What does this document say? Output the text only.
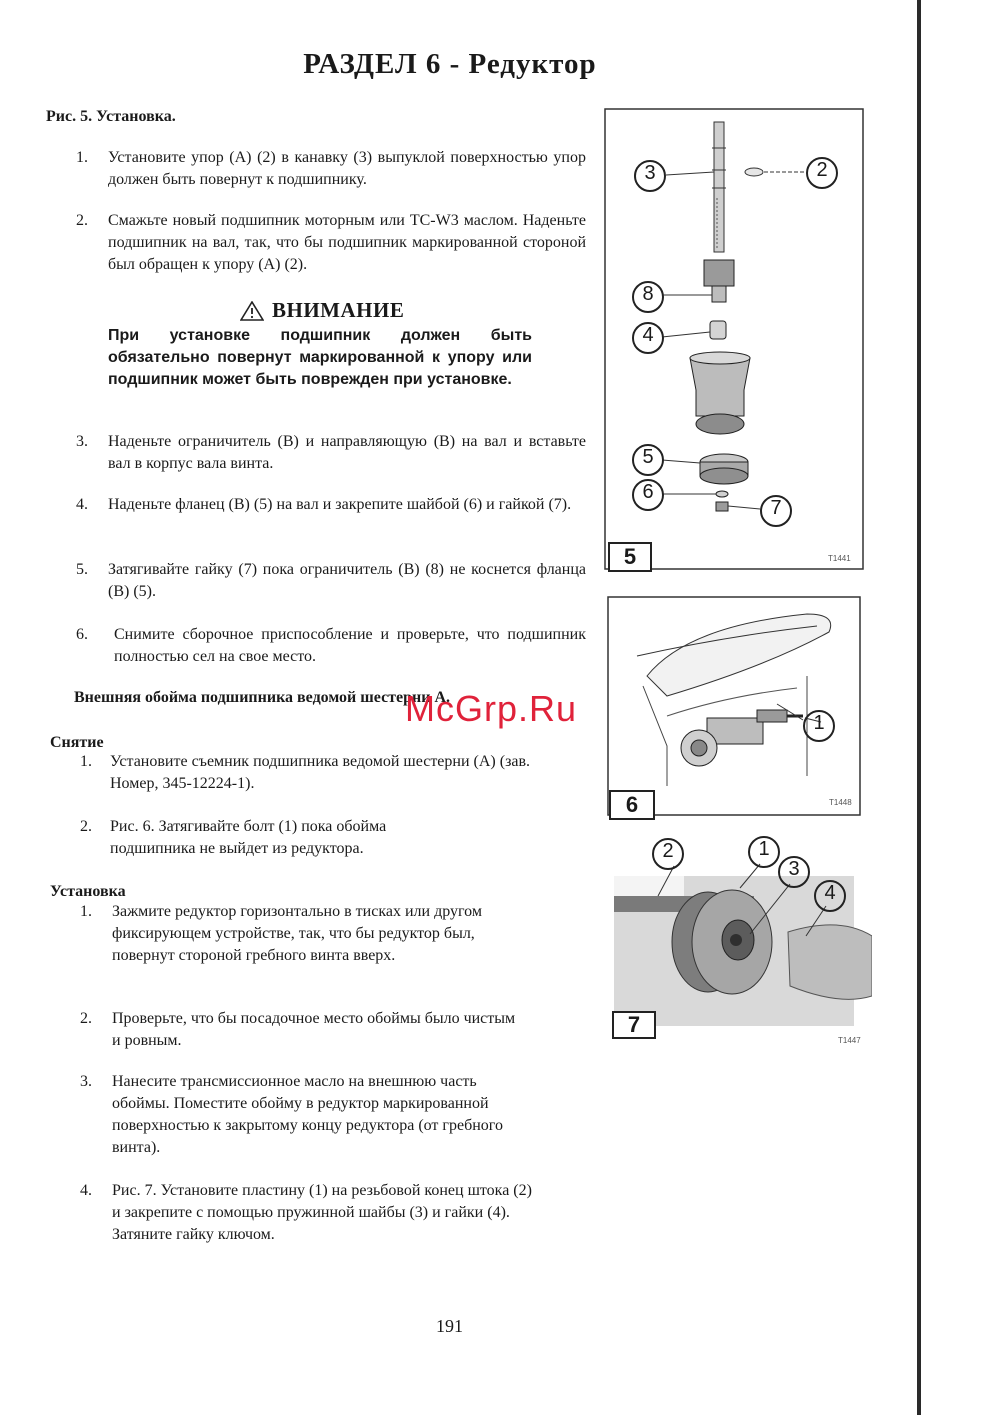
РАЗДЕЛ 6 - Редуктор
Рис. 5. Установка.
1. Установите упор (A) (2) в канавку (3) выпуклой поверхностью упор должен быть повернут к подшипнику.
2. Смажьте новый подшипник моторным или TC-W3 маслом. Наденьте подшипник на вал, так, что бы подшипник маркированной стороной был обращен к упору (A) (2).
ВНИМАНИЕ
При установке подшипник должен быть обязательно повернут маркированной к упору или подшипник может быть поврежден при установке.
3. Наденьте ограничитель (B) и направляющую (B) на вал и вставьте вал в корпус вала винта.
4. Наденьте фланец (B) (5) на вал и закрепите шайбой (6) и гайкой (7).
5. Затягивайте гайку (7) пока ограничитель (B) (8) не коснется фланца (B) (5).
6. Снимите сборочное приспособление и проверьте, что подшипник полностью сел на свое место.
Внешняя обойма подшипника ведомой шестерни A.
McGrp.Ru
Снятие
1. Установите съемник подшипника ведомой шестерни (A) (зав. Номер, 345-12224-1).
2. Рис. 6. Затягивайте болт (1) пока обойма подшипника не выйдет из редуктора.
Установка
1. Зажмите редуктор горизонтально в тисках или другом фиксирующем устройстве, так, что бы редуктор был, повернут стороной гребного винта вверх.
2. Проверьте, что бы посадочное место обоймы было чистым и ровным.
3. Нанесите трансмиссионное масло на внешнюю часть обоймы. Поместите обойму в редуктор маркированной поверхностью к закрытому концу редуктора (от гребного винта).
4. Рис. 7. Установите пластину (1) на резьбовой конец штока (2) и закрепите с помощью пружинной шайбы (3) и гайки (4). Затяните гайку ключом.
191
3	2
8
4
5
6
7
5	T1441
1
6	T1448
2	1
3
4
7
T1447
